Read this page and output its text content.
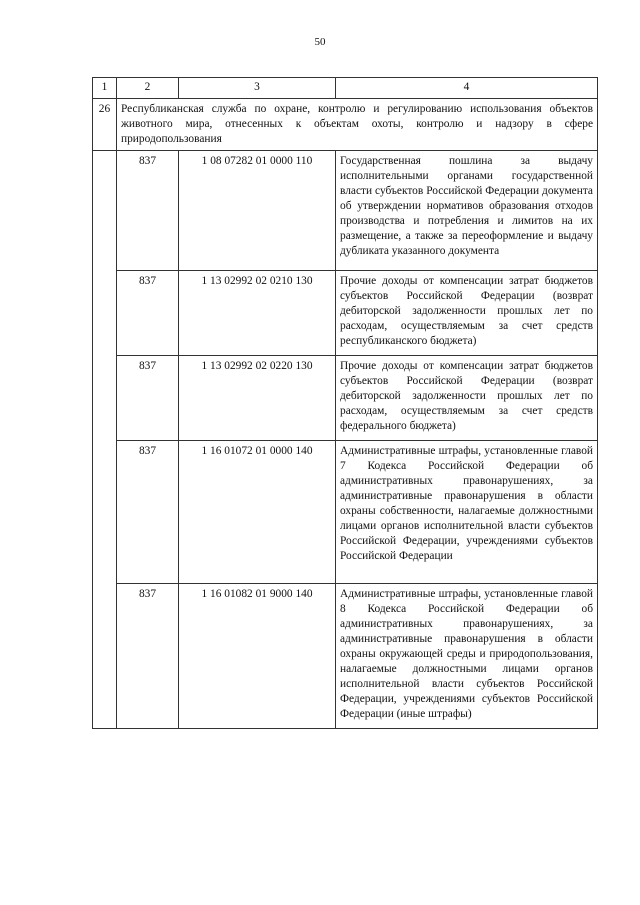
50
1	2	3	4
26	Республиканская служба по охране, контролю и регулированию использования объектов животного мира, отнесенных к объектам охоты, контролю и надзору в сфере природопользования		
	837	1 08 07282 01 0000 110	Государственная пошлина за выдачу исполнительными органами государственной власти субъектов Российской Федерации документа об утверждении нормативов образования отходов производства и потребления и лимитов на их размещение, а также за переоформление и выдачу дубликата указанного документа
	837	1 13 02992 02 0210 130	Прочие доходы от компенсации затрат бюджетов субъектов Российской Федерации (возврат дебиторской задолженности прошлых лет по расходам, осуществляемым за счет средств республиканского бюджета)
	837	1 13 02992 02 0220 130	Прочие доходы от компенсации затрат бюджетов субъектов Российской Федерации (возврат дебиторской задолженности прошлых лет по расходам, осуществляемым за счет средств федерального бюджета)
	837	1 16 01072 01 0000 140	Административные штрафы, установленные главой 7 Кодекса Российской Федерации об административных правонарушениях, за административные правонарушения в области охраны собственности, налагаемые должностными лицами органов исполнительной власти субъектов Российской Федерации, учреждениями субъектов Российской Федерации
	837	1 16 01082 01 9000 140	Административные штрафы, установленные главой 8 Кодекса Российской Федерации об административных правонарушениях, за административные правонарушения в области охраны окружающей среды и природопользования, налагаемые должностными лицами органов исполнительной власти субъектов Российской Федерации, учреждениями субъектов Российской Федерации (иные штрафы)
